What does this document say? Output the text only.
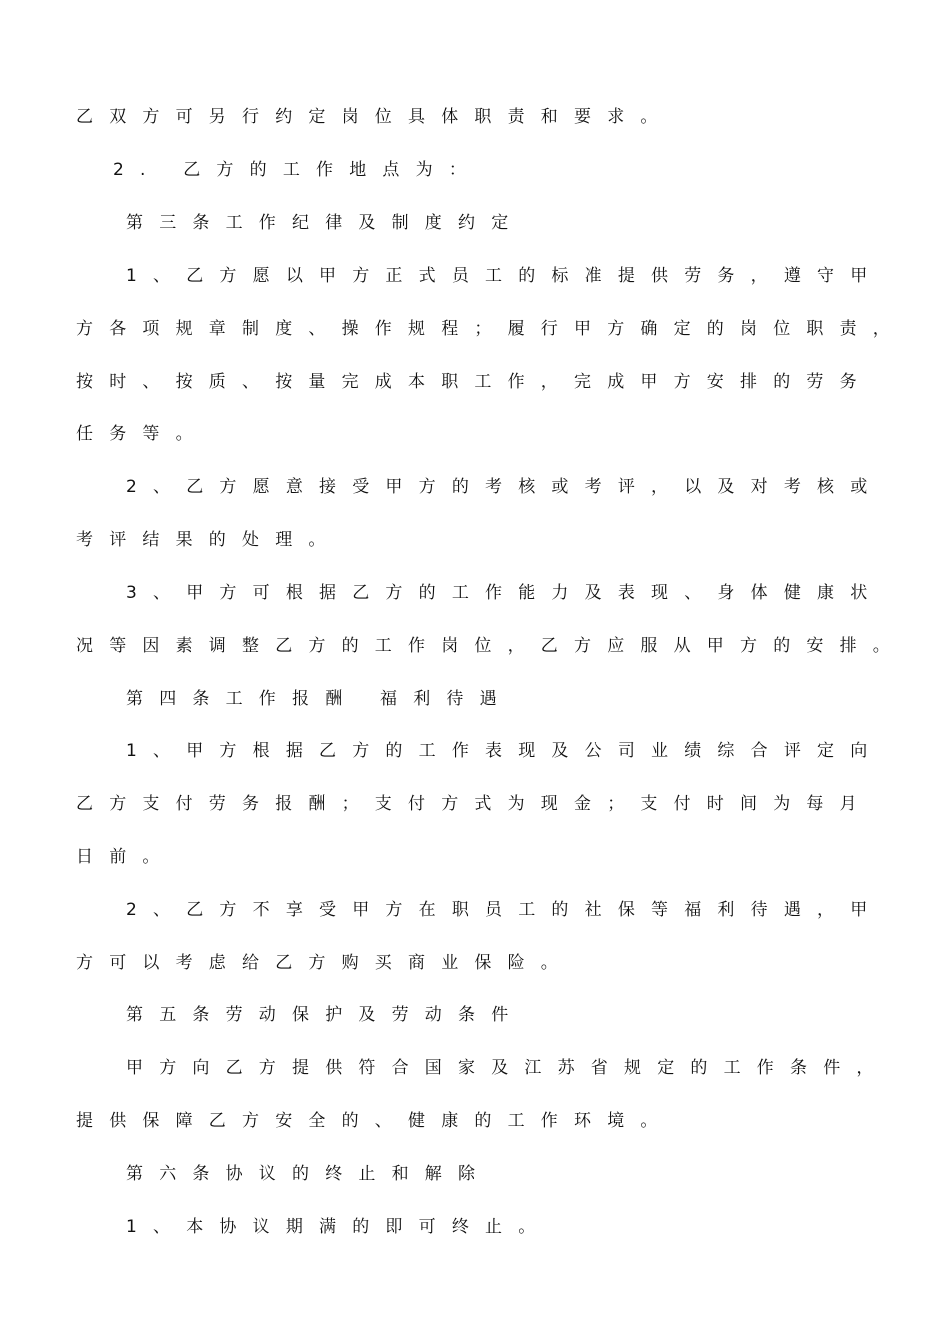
乙双方可另行约定岗位具体职责和要求。
2. 乙方的工作地点为：
第三条工作纪律及制度约定
1、乙方愿以甲方正式员工的标准提供劳务，遵守甲
方各项规章制度、操作规程；履行甲方确定的岗位职责，
按时、按质、按量完成本职工作，完成甲方安排的劳务
任务等。
2、乙方愿意接受甲方的考核或考评，以及对考核或
考评结果的处理。
3、甲方可根据乙方的工作能力及表现、身体健康状
况等因素调整乙方的工作岗位，乙方应服从甲方的安排。
第四条工作报酬 福利待遇
1、甲方根据乙方的工作表现及公司业绩综合评定向
乙方支付劳务报酬；支付方式为现金；支付时间为每月
日前。
2、乙方不享受甲方在职员工的社保等福利待遇，甲
方可以考虑给乙方购买商业保险。
第五条劳动保护及劳动条件
甲方向乙方提供符合国家及江苏省规定的工作条件，
提供保障乙方安全的、健康的工作环境。
第六条协议的终止和解除
1、本协议期满的即可终止。
